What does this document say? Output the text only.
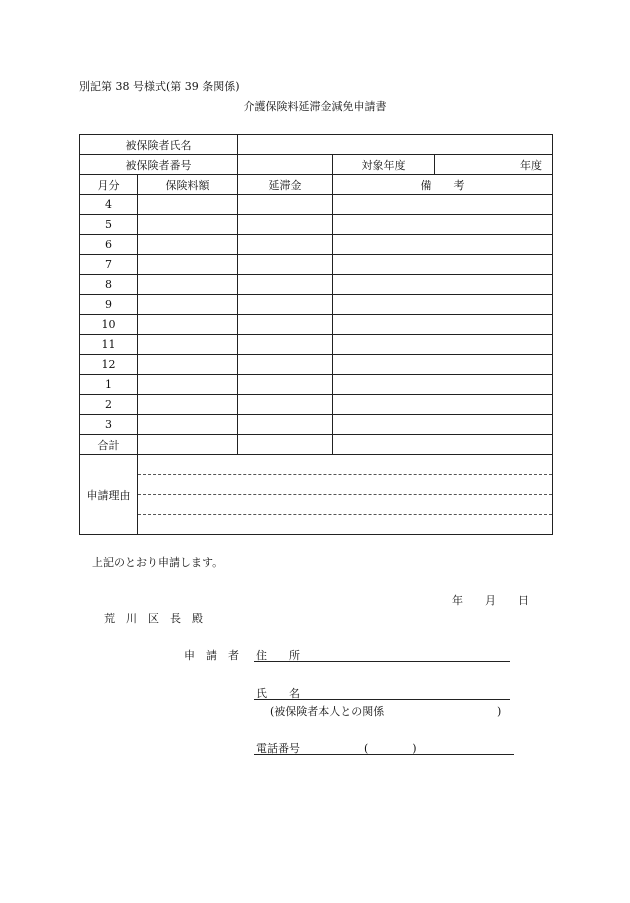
別記第 38 号様式(第 39 条関係)
介護保険料延滞金減免申請書
被保険者氏名				
被保険者番号			対象年度	年度
月分	保険料額	延滞金	備　　考	
4				
5				
6				
7				
8				
9				
10				
11				
12				
1				
2				
3				
合計				
申請理由				
上記のとおり申請します。
年　　月　　日
荒　川　区　長　殿
申　請　者 住　　所
氏　　名
(被保険者本人との関係	)
電話番号	(　　　　)
